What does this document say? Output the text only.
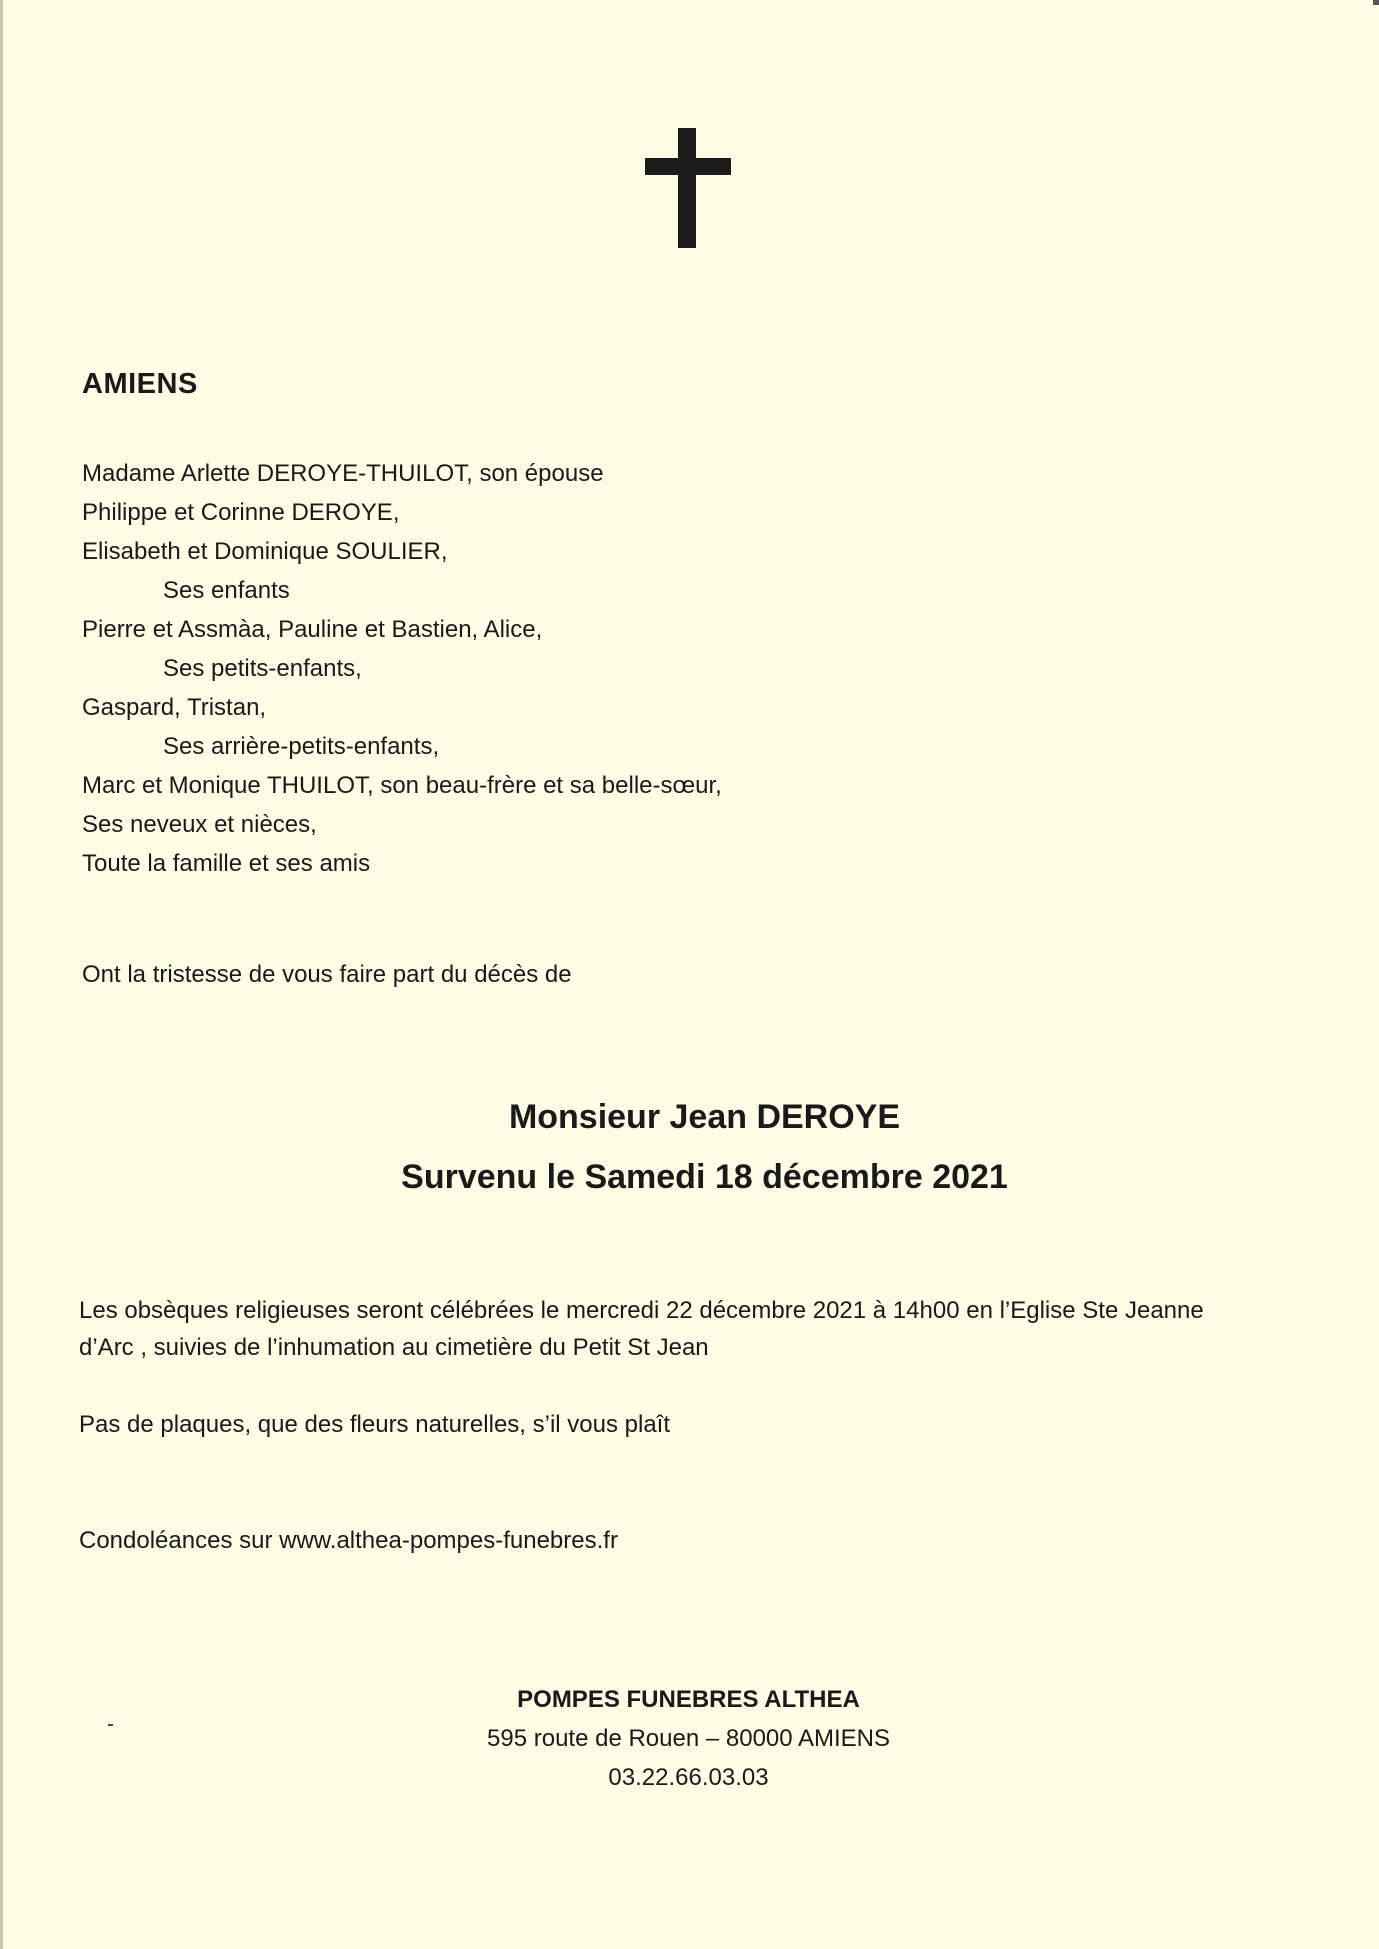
AMIENS
Madame Arlette DEROYE-THUILOT, son épouse
Philippe et Corinne DEROYE,
Elisabeth et Dominique SOULIER,
Ses enfants
Pierre et Assmàa, Pauline et Bastien, Alice,
Ses petits-enfants,
Gaspard, Tristan,
Ses arrière-petits-enfants,
Marc et Monique THUILOT, son beau-frère et sa belle-sœur,
Ses neveux et nièces,
Toute la famille et ses amis
Ont la tristesse de vous faire part du décès de
Monsieur Jean DEROYE
Survenu le Samedi 18 décembre 2021
Les obsèques religieuses seront célébrées le mercredi 22 décembre 2021 à 14h00 en l’Eglise Ste Jeanne d’Arc , suivies de l’inhumation au cimetière du Petit St Jean
Pas de plaques, que des fleurs naturelles, s’il vous plaît
Condoléances sur www.althea-pompes-funebres.fr
POMPES FUNEBRES ALTHEA
595 route de Rouen – 80000 AMIENS
03.22.66.03.03
